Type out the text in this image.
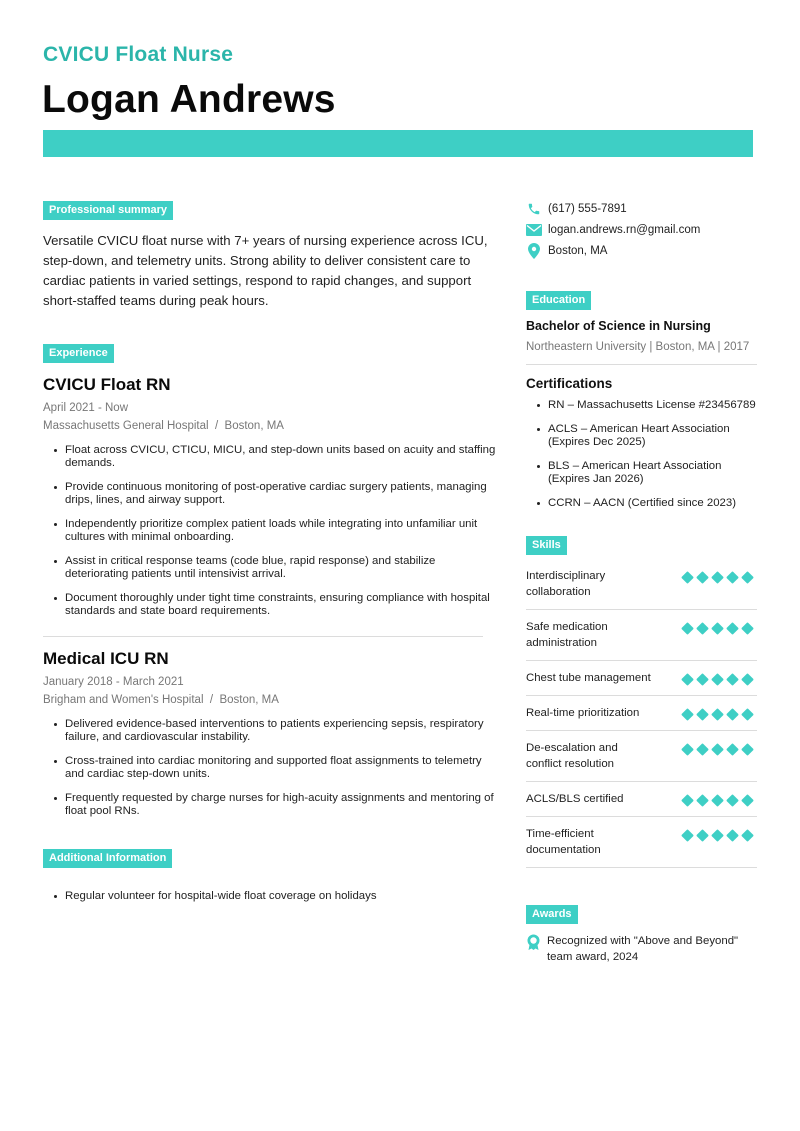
CVICU Float Nurse
Logan Andrews
Professional summary

Versatile CVICU float nurse with 7+ years of nursing experience across ICU, step-down, and telemetry units. Strong ability to deliver consistent care to cardiac patients in varied settings, respond to rapid changes, and support short-staffed teams during peak hours.

Experience
CVICU Float RN
April 2021 - Now
Massachusetts General Hospital  /  Boston, MA
Float across CVICU, CTICU, MICU, and step-down units based on acuity and staffing demands.
Provide continuous monitoring of post-operative cardiac surgery patients, managing drips, lines, and airway support.
Independently prioritize complex patient loads while integrating into unfamiliar unit cultures with minimal onboarding.
Assist in critical response teams (code blue, rapid response) and stabilize deteriorating patients until intensivist arrival.
Document thoroughly under tight time constraints, ensuring compliance with hospital standards and state board requirements.
Medical ICU RN
January 2018 - March 2021
Brigham and Women's Hospital  /  Boston, MA
Delivered evidence-based interventions to patients experiencing sepsis, respiratory failure, and cardiovascular instability.
Cross-trained into cardiac monitoring and supported float assignments to telemetry and cardiac step-down units.
Frequently requested by charge nurses for high-acuity assignments and mentoring of float pool RNs.
Additional Information
Regular volunteer for hospital-wide float coverage on holidays
(617) 555-7891
logan.andrews.rn@gmail.com
Boston, MA
Education
Bachelor of Science in Nursing
Northeastern University | Boston, MA | 2017
Certifications
RN – Massachusetts License #23456789
ACLS – American Heart Association (Expires Dec 2025)
BLS – American Heart Association (Expires Jan 2026)
CCRN – AACN (Certified since 2023)
Skills
Interdisciplinary collaboration
Safe medication administration
Chest tube management
Real-time prioritization
De-escalation and conflict resolution
ACLS/BLS certified
Time-efficient documentation
Awards
Recognized with "Above and Beyond" team award, 2024
